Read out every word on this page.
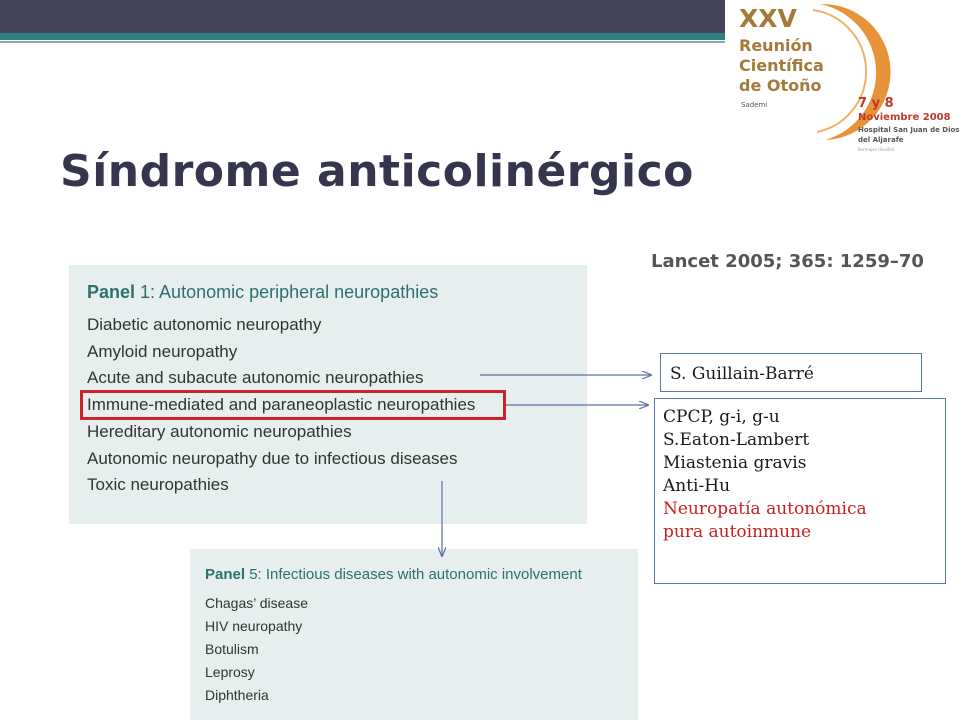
XXV
Reunión
Científica
de Otoño
Sademi	7 y 8
Noviembre 2008
Hospital San Juan de Dios
del Aljarafe
Bormujos (Sevilla)
Síndrome anticolinérgico
Lancet 2005; 365: 1259–70
Panel 1: Autonomic peripheral neuropathies
Diabetic autonomic neuropathy
Amyloid neuropathy
Acute and subacute autonomic neuropathies
Immune-mediated and paraneoplastic neuropathies
Hereditary autonomic neuropathies
Autonomic neuropathy due to infectious diseases
Toxic neuropathies
Panel 5: Infectious diseases with autonomic involvement
Chagas’ disease
HIV neuropathy
Botulism
Leprosy
Diphtheria
S. Guillain-Barré
CPCP, g-i, g-u
S.Eaton-Lambert
Miastenia gravis
Anti-Hu
Neuropatía autonómica
pura autoinmune
